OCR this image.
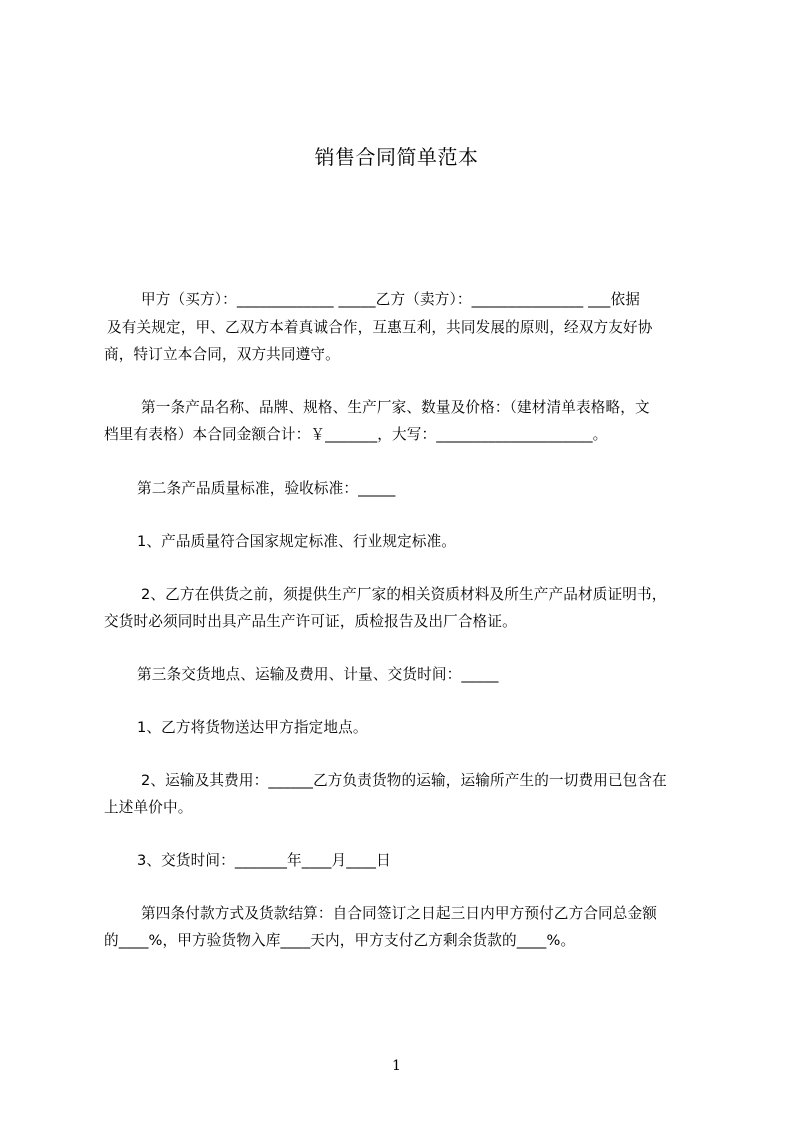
销售合同简单范本
甲方（买方）：_____________ _____乙方（卖方）：_______________ ___依据
及有关规定，甲、乙双方本着真诚合作，互惠互利，共同发展的原则，经双方友好协
商，特订立本合同，双方共同遵守。
第一条产品名称、品牌、规格、生产厂家、数量及价格：（建材清单表格略，文
档里有表格）本合同金额合计：￥_______，大写：_____________________。
第二条产品质量标准，验收标准：_____
1、产品质量符合国家规定标准、行业规定标准。
2、乙方在供货之前，须提供生产厂家的相关资质材料及所生产产品材质证明书，
交货时必须同时出具产品生产许可证，质检报告及出厂合格证。
第三条交货地点、运输及费用、计量、交货时间：_____
1、乙方将货物送达甲方指定地点。
2、运输及其费用：______乙方负责货物的运输，运输所产生的一切费用已包含在
上述单价中。
3、交货时间：_______年____月____日
第四条付款方式及货款结算：自合同签订之日起三日内甲方预付乙方合同总金额
的____%，甲方验货物入库____天内，甲方支付乙方剩余货款的____%。
1
